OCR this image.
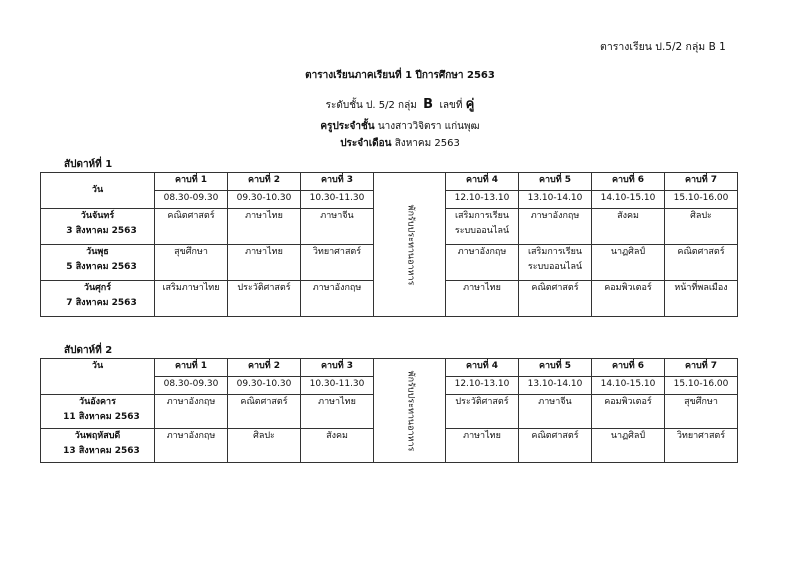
ตารางเรียน ป.5/2 กลุ่ม B 1
ตารางเรียนภาคเรียนที่ 1 ปีการศึกษา 2563
ระดับชั้น ป. 5/2 กลุ่ม B เลขที่ คู่
ครูประจำชั้น นางสาววิจิตรา แก่นพุฒ
ประจำเดือน สิงหาคม 2563
สัปดาห์ที่ 1
วัน	คาบที่ 1	คาบที่ 2	คาบที่ 3	พักรับประทานอาหาร	คาบที่ 4	คาบที่ 5	คาบที่ 6	คาบที่ 7
	08.30-09.30	09.30-10.30	10.30-11.30		12.10-13.10	13.10-14.10	14.10-15.10	15.10-16.00

วันจันทร์
3 สิงหาคม 2563	คณิตศาสตร์	ภาษาไทย	ภาษาจีน		เสริมการเรียนระบบออนไลน์	ภาษาอังกฤษ	สังคม	ศิลปะ

วันพุธ
5 สิงหาคม 2563	สุขศึกษา	ภาษาไทย	วิทยาศาสตร์		ภาษาอังกฤษ	เสริมการเรียนระบบออนไลน์	นาฏศิลป์	คณิตศาสตร์

วันศุกร์
7 สิงหาคม 2563	เสริมภาษาไทย	ประวัติศาสตร์	ภาษาอังกฤษ		ภาษาไทย	คณิตศาสตร์	คอมพิวเตอร์	หน้าที่พลเมือง
สัปดาห์ที่ 2
วัน	คาบที่ 1	คาบที่ 2	คาบที่ 3	พักรับประทานอาหาร	คาบที่ 4	คาบที่ 5	คาบที่ 6	คาบที่ 7
	08.30-09.30	09.30-10.30	10.30-11.30		12.10-13.10	13.10-14.10	14.10-15.10	15.10-16.00

วันอังคาร
11 สิงหาคม 2563	ภาษาอังกฤษ	คณิตศาสตร์	ภาษาไทย		ประวัติศาสตร์	ภาษาจีน	คอมพิวเตอร์	สุขศึกษา

วันพฤหัสบดี
13 สิงหาคม 2563	ภาษาอังกฤษ	ศิลปะ	สังคม		ภาษาไทย	คณิตศาสตร์	นาฏศิลป์	วิทยาศาสตร์
